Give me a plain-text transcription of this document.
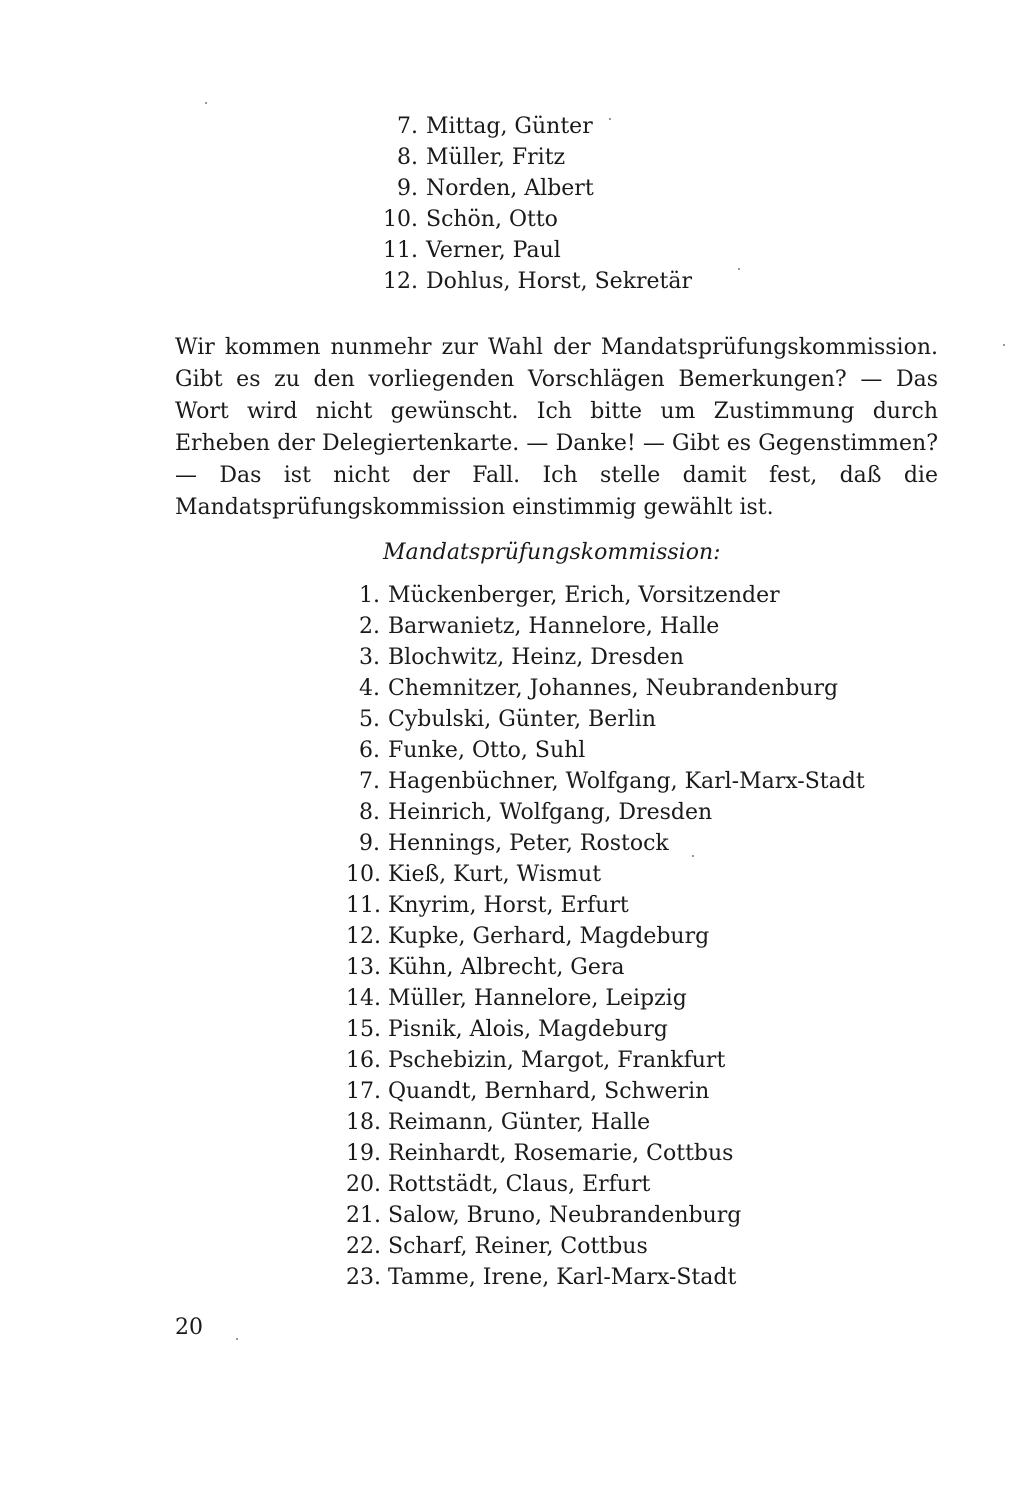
7. Mittag, Günter
8. Müller, Fritz
9. Norden, Albert
10. Schön, Otto
11. Verner, Paul
12. Dohlus, Horst, Sekretär

Wir kommen nunmehr zur Wahl der Mandatsprüfungskommission. Gibt es zu den vorliegenden Vorschlägen Bemerkungen? — Das Wort wird nicht gewünscht. Ich bitte um Zustimmung durch Erheben der Delegiertenkarte. — Danke! — Gibt es Gegenstimmen? — Das ist nicht der Fall. Ich stelle damit fest, daß die Mandatsprüfungskommission einstimmig gewählt ist.

Mandatsprüfungskommission:

1. Mückenberger, Erich, Vorsitzender
2. Barwanietz, Hannelore, Halle
3. Blochwitz, Heinz, Dresden
4. Chemnitzer, Johannes, Neubrandenburg
5. Cybulski, Günter, Berlin
6. Funke, Otto, Suhl
7. Hagenbüchner, Wolfgang, Karl-Marx-Stadt
8. Heinrich, Wolfgang, Dresden
9. Hennings, Peter, Rostock
10. Kieß, Kurt, Wismut
11. Knyrim, Horst, Erfurt
12. Kupke, Gerhard, Magdeburg
13. Kühn, Albrecht, Gera
14. Müller, Hannelore, Leipzig
15. Pisnik, Alois, Magdeburg
16. Pschebizin, Margot, Frankfurt
17. Quandt, Bernhard, Schwerin
18. Reimann, Günter, Halle
19. Reinhardt, Rosemarie, Cottbus
20. Rottstädt, Claus, Erfurt
21. Salow, Bruno, Neubrandenburg
22. Scharf, Reiner, Cottbus
23. Tamme, Irene, Karl-Marx-Stadt
20
